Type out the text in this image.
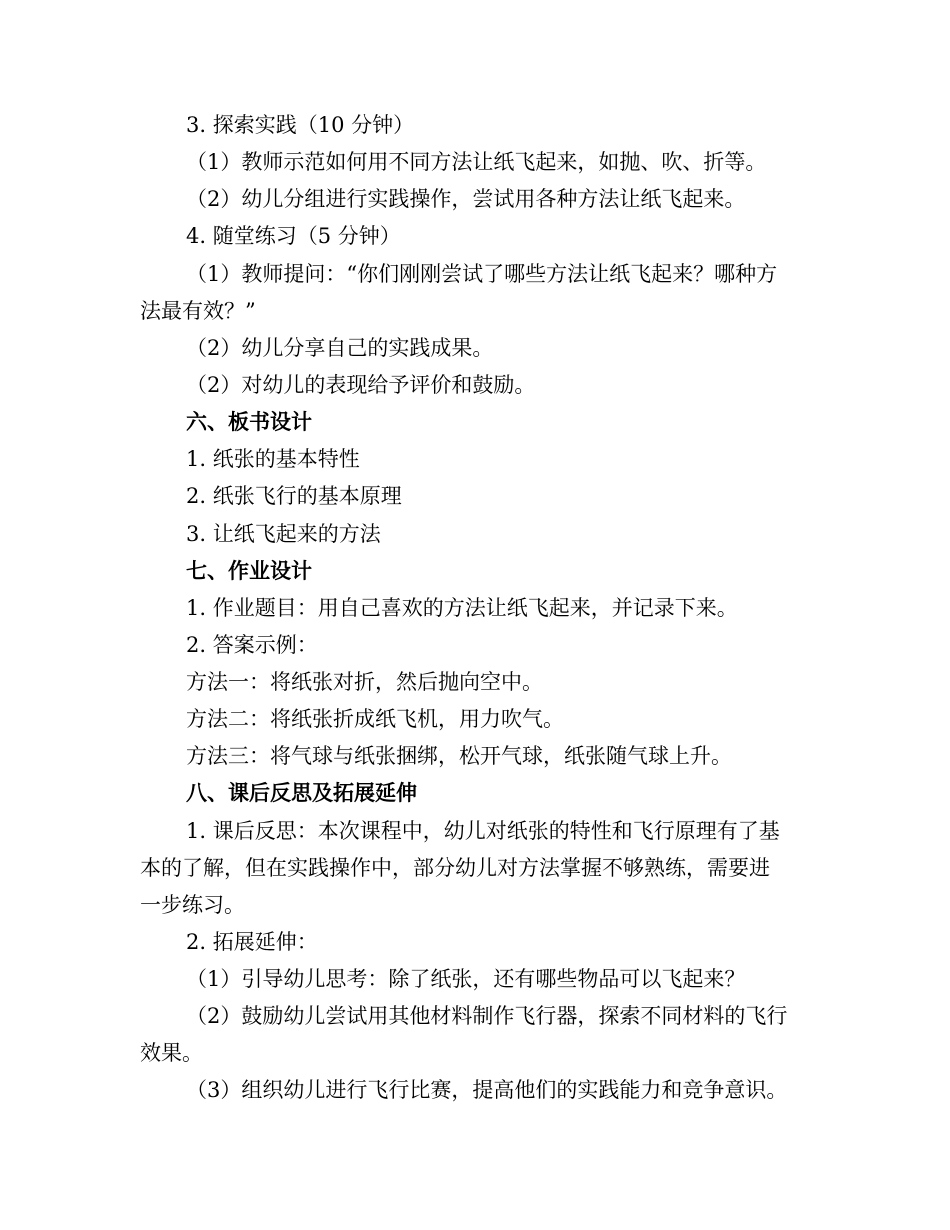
3. 探索实践（10 分钟）
（1）教师示范如何用不同方法让纸飞起来，如抛、吹、折等。
（2）幼儿分组进行实践操作，尝试用各种方法让纸飞起来。
4. 随堂练习（5 分钟）
（1）教师提问：“你们刚刚尝试了哪些方法让纸飞起来？哪种方
法最有效？”
（2）幼儿分享自己的实践成果。
（2）对幼儿的表现给予评价和鼓励。
六、板书设计
1. 纸张的基本特性
2. 纸张飞行的基本原理
3. 让纸飞起来的方法
七、作业设计
1. 作业题目：用自己喜欢的方法让纸飞起来，并记录下来。
2. 答案示例：
方法一：将纸张对折，然后抛向空中。
方法二：将纸张折成纸飞机，用力吹气。
方法三：将气球与纸张捆绑，松开气球，纸张随气球上升。
八、课后反思及拓展延伸
1. 课后反思：本次课程中，幼儿对纸张的特性和飞行原理有了基
本的了解，但在实践操作中，部分幼儿对方法掌握不够熟练，需要进
一步练习。
2. 拓展延伸：
（1）引导幼儿思考：除了纸张，还有哪些物品可以飞起来？
（2）鼓励幼儿尝试用其他材料制作飞行器，探索不同材料的飞行
效果。
（3）组织幼儿进行飞行比赛，提高他们的实践能力和竞争意识。
